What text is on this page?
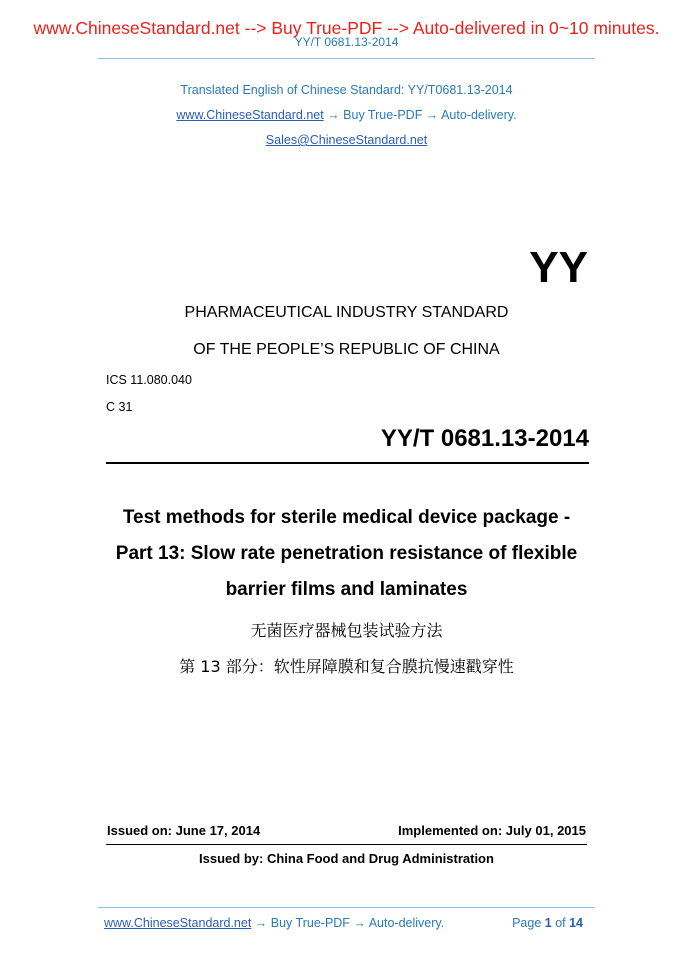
www.ChineseStandard.net --> Buy True-PDF --> Auto-delivered in 0~10 minutes.
YY/T 0681.13-2014
Translated English of Chinese Standard: YY/T0681.13-2014
www.ChineseStandard.net → Buy True-PDF → Auto-delivery.
Sales@ChineseStandard.net
YY
PHARMACEUTICAL INDUSTRY STANDARD
OF THE PEOPLE’S REPUBLIC OF CHINA
ICS 11.080.040
C 31
YY/T 0681.13-2014
Test methods for sterile medical device package -
Part 13: Slow rate penetration resistance of flexible
barrier films and laminates
无菌医疗器械包装试验方法
第 13 部分：软性屏障膜和复合膜抗慢速戳穿性
Issued on: June 17, 2014	Implemented on: July 01, 2015
Issued by: China Food and Drug Administration
www.ChineseStandard.net → Buy True-PDF → Auto-delivery.	Page 1 of 14
